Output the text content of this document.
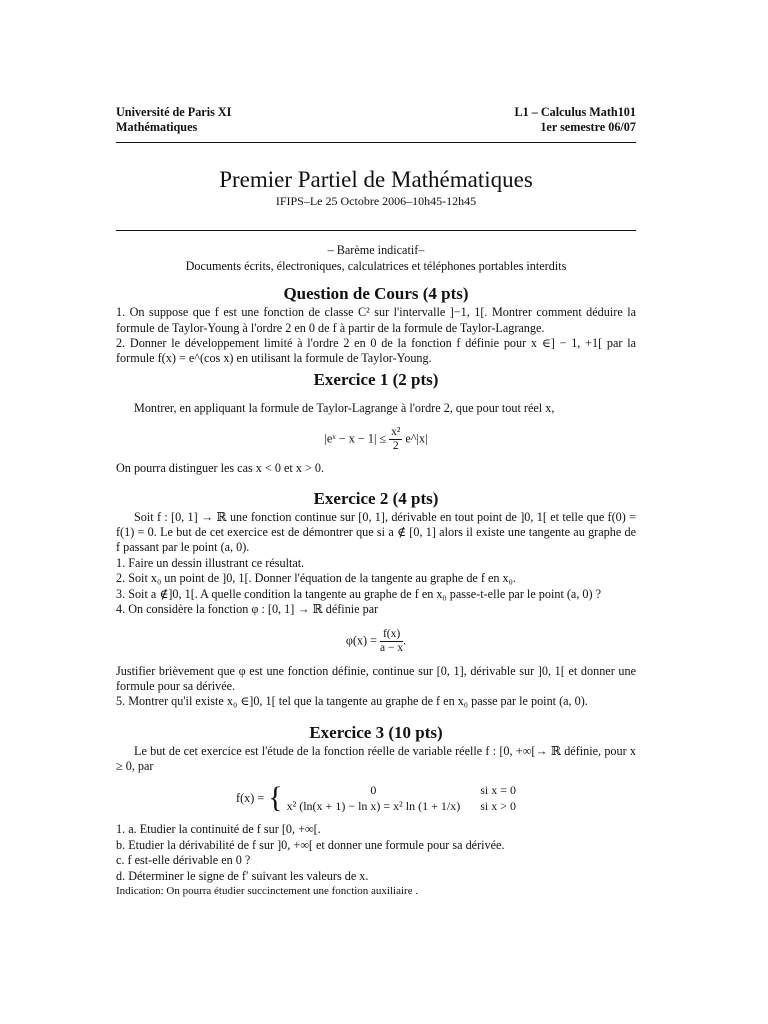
Université de Paris XI
Mathématiques
L1 – Calculus Math101
1er semestre 06/07
Premier Partiel de Mathématiques
IFIPS–Le 25 Octobre 2006–10h45-12h45
– Barème indicatif–
Documents écrits, électroniques, calculatrices et téléphones portables interdits
Question de Cours (4 pts)

1. On suppose que f est une fonction de classe C² sur l'intervalle ]−1, 1[. Montrer comment déduire la formule de Taylor-Young à l'ordre 2 en 0 de f à partir de la formule de Taylor-Lagrange.

2. Donner le développement limité à l'ordre 2 en 0 de la fonction f définie pour x ∈] − 1, +1[ par la formule f(x) = e^(cos x) en utilisant la formule de Taylor-Young.

Exercice 1 (2 pts)

Montrer, en appliquant la formule de Taylor-Lagrange à l'ordre 2, que pour tout réel x,

|eˣ − $x - 1| \le \frac{\text{x²}}{2}$ e^|x|

On pourra distinguer les cas x < 0 et x > 0.

Exercice 2 (4 pts)

Soit f : [0, 1] → ℝ une fonction continue sur [0, 1], dérivable en tout point de ]0, 1[ et telle que f(0) = f(1) = 0. Le but de cet exercice est de démontrer que si a ∉ [0, 1] alors il existe une tangente au graphe de f passant par le point (a, 0).

1. Faire un dessin illustrant ce résultat.

2. Soit x₀ un point de ]0, 1[. Donner l'équation de la tangente au graphe de f en x₀.

3. Soit a ∉]0, 1[. A quelle condition la tangente au graphe de f en x₀ passe-t-elle par le point (a, 0) ?

4. On considère la fonction φ : [0, 1] → ℝ définie par

$\varphi(x) = \frac{f(x)}{a - x}$ .

Justifier brièvement que φ est une fonction définie, continue sur [0, 1], dérivable sur ]0, 1[ et donner une formule pour sa dérivée.

5. Montrer qu'il existe x₀ ∈]0, 1[ tel que la tangente au graphe de f en x₀ passe par le point (a, 0).

Exercice 3 (10 pts)

Le but de cet exercice est l'étude de la fonction réelle de variable réelle f : [0, +∞[→ ℝ définie, pour x ≥ 0, par

f(x) = {	0	si x = 0
x² (ln(x + 1) − ln x) = x² ln (1 + 1/x) si x > 0

1. a. Etudier la continuité de f sur [0, +∞[.

b. Etudier la dérivabilité de f sur ]0, +∞[ et donner une formule pour sa dérivée.

c. f est-elle dérivable en 0 ?

d. Déterminer le signe de f′ suivant les valeurs de x.

Indication: On pourra étudier succinctement une fonction auxiliaire .
